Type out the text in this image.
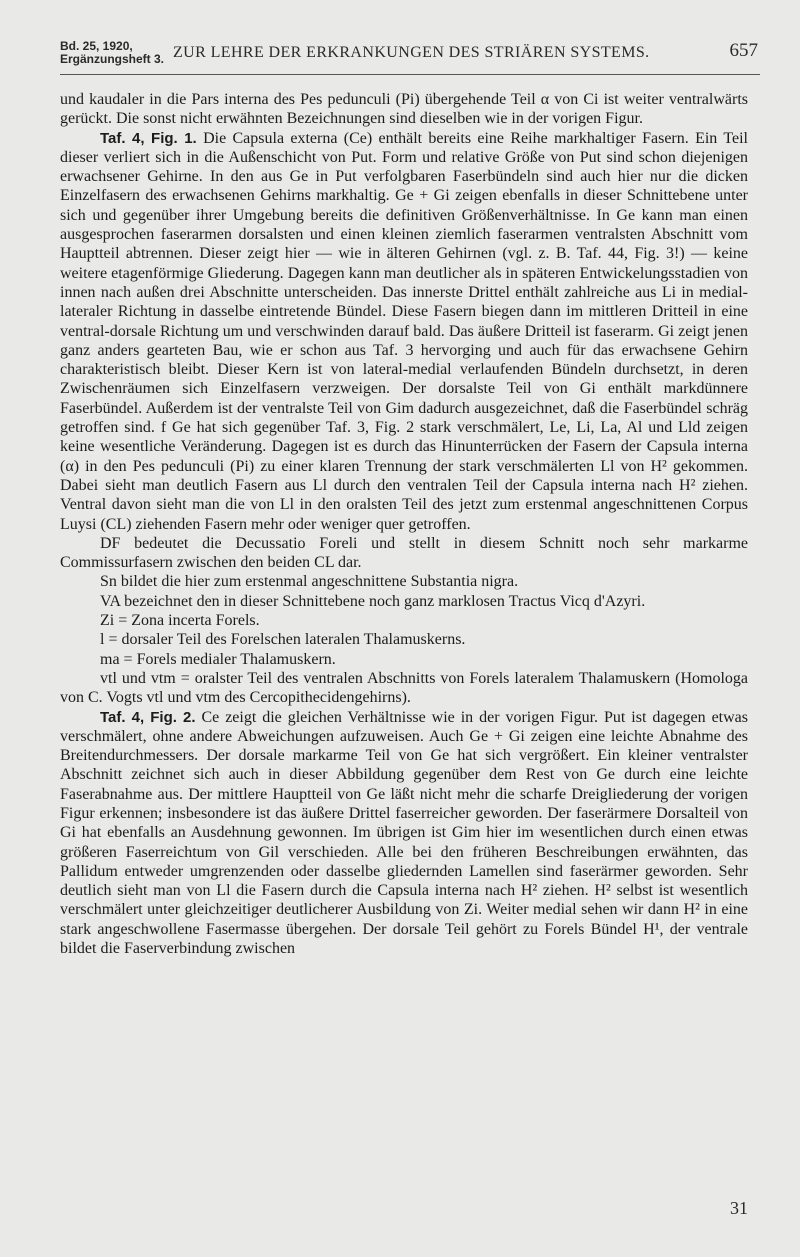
Bd. 25, 1920,
Ergänzungsheft 3. ZUR LEHRE DER ERKRANKUNGEN DES STRIÄREN SYSTEMS.	657

und kaudaler in die Pars interna des Pes pedunculi (Pi) übergehende Teil α von Ci ist weiter ventralwärts gerückt. Die sonst nicht erwähnten Bezeichnungen sind dieselben wie in der vorigen Figur.

Taf. 4, Fig. 1. Die Capsula externa (Ce) enthält bereits eine Reihe markhaltiger Fasern. Ein Teil dieser verliert sich in die Außenschicht von Put. Form und relative Größe von Put sind schon diejenigen erwachsener Gehirne. In den aus Ge in Put verfolgbaren Faserbündeln sind auch hier nur die dicken Einzelfasern des erwachsenen Gehirns markhaltig. Ge + Gi zeigen ebenfalls in dieser Schnittebene unter sich und gegenüber ihrer Umgebung bereits die definitiven Größenverhältnisse. In Ge kann man einen ausgesprochen faserarmen dorsalsten und einen kleinen ziemlich faserarmen ventralsten Abschnitt vom Hauptteil abtrennen. Dieser zeigt hier — wie in älteren Gehirnen (vgl. z. B. Taf. 44, Fig. 3!) — keine weitere etagenförmige Gliederung. Dagegen kann man deutlicher als in späteren Entwickelungsstadien von innen nach außen drei Abschnitte unterscheiden. Das innerste Drittel enthält zahlreiche aus Li in medial-lateraler Richtung in dasselbe eintretende Bündel. Diese Fasern biegen dann im mittleren Dritteil in eine ventral-dorsale Richtung um und verschwinden darauf bald. Das äußere Dritteil ist faserarm. Gi zeigt jenen ganz anders gearteten Bau, wie er schon aus Taf. 3 hervorging und auch für das erwachsene Gehirn charakteristisch bleibt. Dieser Kern ist von lateral-medial verlaufenden Bündeln durchsetzt, in deren Zwischenräumen sich Einzelfasern verzweigen. Der dorsalste Teil von Gi enthält markdünnere Faserbündel. Außerdem ist der ventralste Teil von Gim dadurch ausgezeichnet, daß die Faserbündel schräg getroffen sind. f Ge hat sich gegenüber Taf. 3, Fig. 2 stark verschmälert, Le, Li, La, Al und Lld zeigen keine wesentliche Veränderung. Dagegen ist es durch das Hinunterrücken der Fasern der Capsula interna (α) in den Pes pedunculi (Pi) zu einer klaren Trennung der stark verschmälerten Ll von H² gekommen. Dabei sieht man deutlich Fasern aus Ll durch den ventralen Teil der Capsula interna nach H² ziehen. Ventral davon sieht man die von Ll in den oralsten Teil des jetzt zum erstenmal angeschnittenen Corpus Luysi (CL) ziehenden Fasern mehr oder weniger quer getroffen.

DF bedeutet die Decussatio Foreli und stellt in diesem Schnitt noch sehr markarme Commissurfasern zwischen den beiden CL dar.

Sn bildet die hier zum erstenmal angeschnittene Substantia nigra.

VA bezeichnet den in dieser Schnittebene noch ganz marklosen Tractus Vicq d'Azyri.

Zi = Zona incerta Forels.

l = dorsaler Teil des Forelschen lateralen Thalamuskerns.

ma = Forels medialer Thalamuskern.

vtl und vtm = oralster Teil des ventralen Abschnitts von Forels lateralem Thalamuskern (Homologa von C. Vogts vtl und vtm des Cercopithecidengehirns).

Taf. 4, Fig. 2. Ce zeigt die gleichen Verhältnisse wie in der vorigen Figur. Put ist dagegen etwas verschmälert, ohne andere Abweichungen aufzuweisen. Auch Ge + Gi zeigen eine leichte Abnahme des Breitendurchmessers. Der dorsale markarme Teil von Ge hat sich vergrößert. Ein kleiner ventralster Abschnitt zeichnet sich auch in dieser Abbildung gegenüber dem Rest von Ge durch eine leichte Faserabnahme aus. Der mittlere Hauptteil von Ge läßt nicht mehr die scharfe Dreigliederung der vorigen Figur erkennen; insbesondere ist das äußere Drittel faserreicher geworden. Der faserärmere Dorsalteil von Gi hat ebenfalls an Ausdehnung gewonnen. Im übrigen ist Gim hier im wesentlichen durch einen etwas größeren Faserreichtum von Gil verschieden. Alle bei den früheren Beschreibungen erwähnten, das Pallidum entweder umgrenzenden oder dasselbe gliedernden Lamellen sind faserärmer geworden. Sehr deutlich sieht man von Ll die Fasern durch die Capsula interna nach H² ziehen. H² selbst ist wesentlich verschmälert unter gleichzeitiger deutlicherer Ausbildung von Zi. Weiter medial sehen wir dann H² in eine stark angeschwollene Fasermasse übergehen. Der dorsale Teil gehört zu Forels Bündel H¹, der ventrale bildet die Faserverbindung zwischen

31
